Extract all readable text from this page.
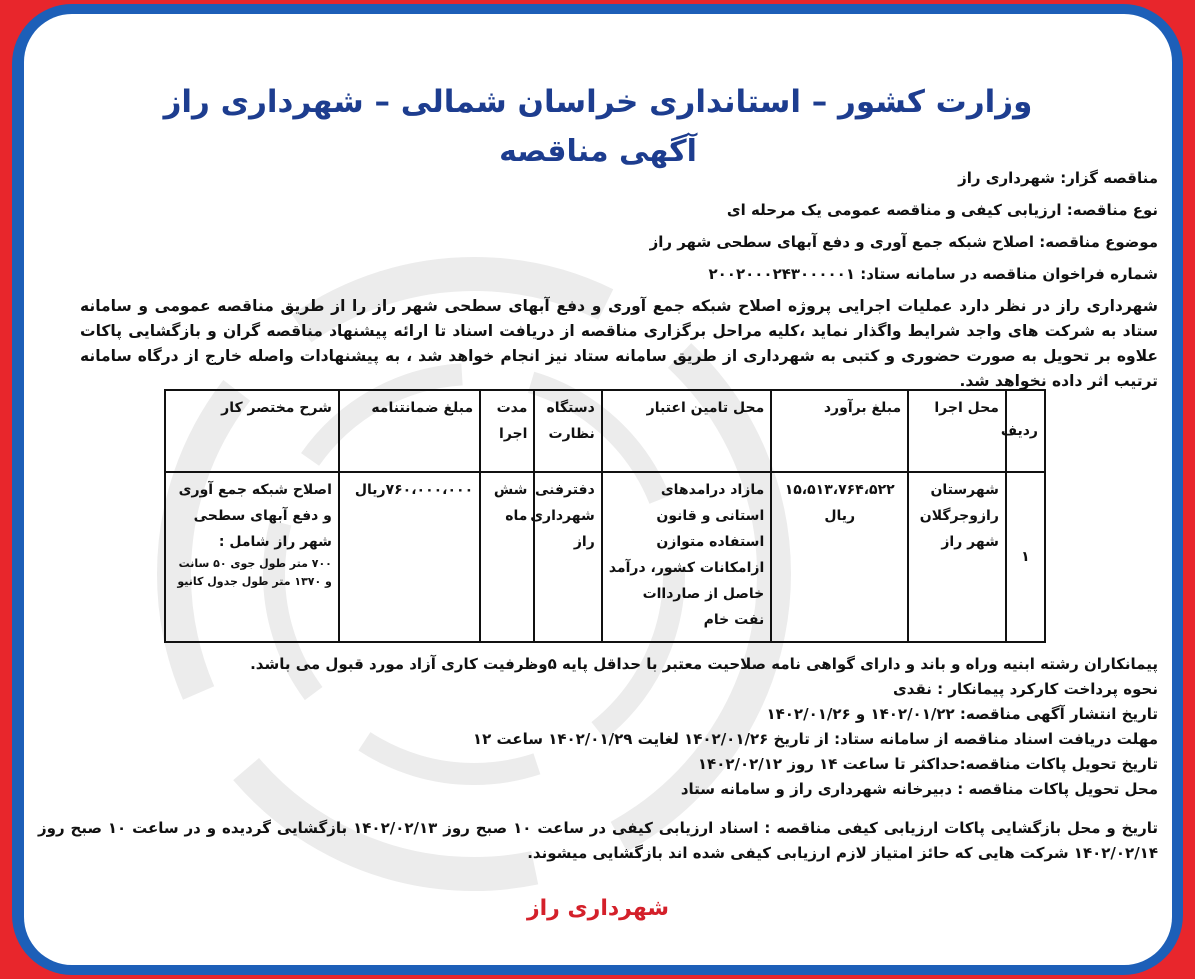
وزارت کشور – استانداری خراسان شمالی – شهرداری راز
آگهی مناقصه
مناقصه گزار: شهرداری راز
نوع مناقصه: ارزیابی کیفی و مناقصه عمومی یک مرحله ای
موضوع مناقصه: اصلاح شبکه جمع آوری و دفع آبهای سطحی شهر راز
شماره فراخوان مناقصه در سامانه ستاد: ۲۰۰۲۰۰۰۲۴۳۰۰۰۰۰۱
شهرداری راز در نظر دارد عملیات اجرایی پروژه اصلاح شبکه جمع آوری و دفع آبهای سطحی شهر راز را از طریق مناقصه عمومی و سامانه ستاد به شرکت های واجد شرایط واگذار نماید ،کلیه مراحل برگزاری مناقصه از دریافت اسناد تا ارائه پیشنهاد مناقصه گران و بازگشایی پاکات علاوه بر تحویل به صورت حضوری و کتبی به شهرداری از طریق سامانه ستاد نیز انجام خواهد شد ، به پیشنهادات واصله خارج از درگاه سامانه ترتیب اثر داده نخواهد شد.
ردیف	محل اجرا	مبلغ برآورد	محل تامین اعتبار	دستگاه نظارت	مدت اجرا	مبلغ ضمانتنامه	شرح مختصر کار
۱	شهرستان رازوجرگلان شهر راز	۱۵،۵۱۳،۷۶۴،۵۲۲ ریال	مازاد درامدهای استانی و قانون استفاده متوازن ازامکانات کشور، درآمد خاصل از صارداات نفت خام	دفترفنی شهرداری راز	شش ماه	۷۶۰،۰۰۰،۰۰۰ریال	اصلاح شبکه جمع آوری و دفع آبهای سطحی شهر راز شامل :
۷۰۰ متر طول جوی ۵۰ سانت و ۱۳۷۰ متر طول جدول کانیو
پیمانکاران رشته ابنیه وراه و باند و دارای گواهی نامه صلاحیت معتبر با حداقل پایه ۵وظرفیت کاری آزاد مورد قبول می باشد.
نحوه پرداخت کارکرد پیمانکار : نقدی
تاریخ انتشار آگهی مناقصه: ۱۴۰۲/۰۱/۲۲ و ۱۴۰۲/۰۱/۲۶
مهلت دریافت اسناد مناقصه از سامانه ستاد: از تاریخ ۱۴۰۲/۰۱/۲۶ لغایت ۱۴۰۲/۰۱/۲۹ ساعت ۱۲
تاریخ تحویل پاکات مناقصه:حداکثر تا ساعت ۱۴ روز ۱۴۰۲/۰۲/۱۲
محل تحویل پاکات مناقصه : دبیرخانه شهرداری راز و سامانه ستاد
تاریخ و محل بازگشایی پاکات ارزیابی کیفی مناقصه : اسناد ارزیابی کیفی در ساعت ۱۰ صبح روز ۱۴۰۲/۰۲/۱۳ بازگشایی گردیده و در ساعت ۱۰ صبح روز ۱۴۰۲/۰۲/۱۴ شرکت هایی که حائز امتیاز لازم ارزیابی کیفی شده اند بازگشایی میشوند.
شهرداری راز
